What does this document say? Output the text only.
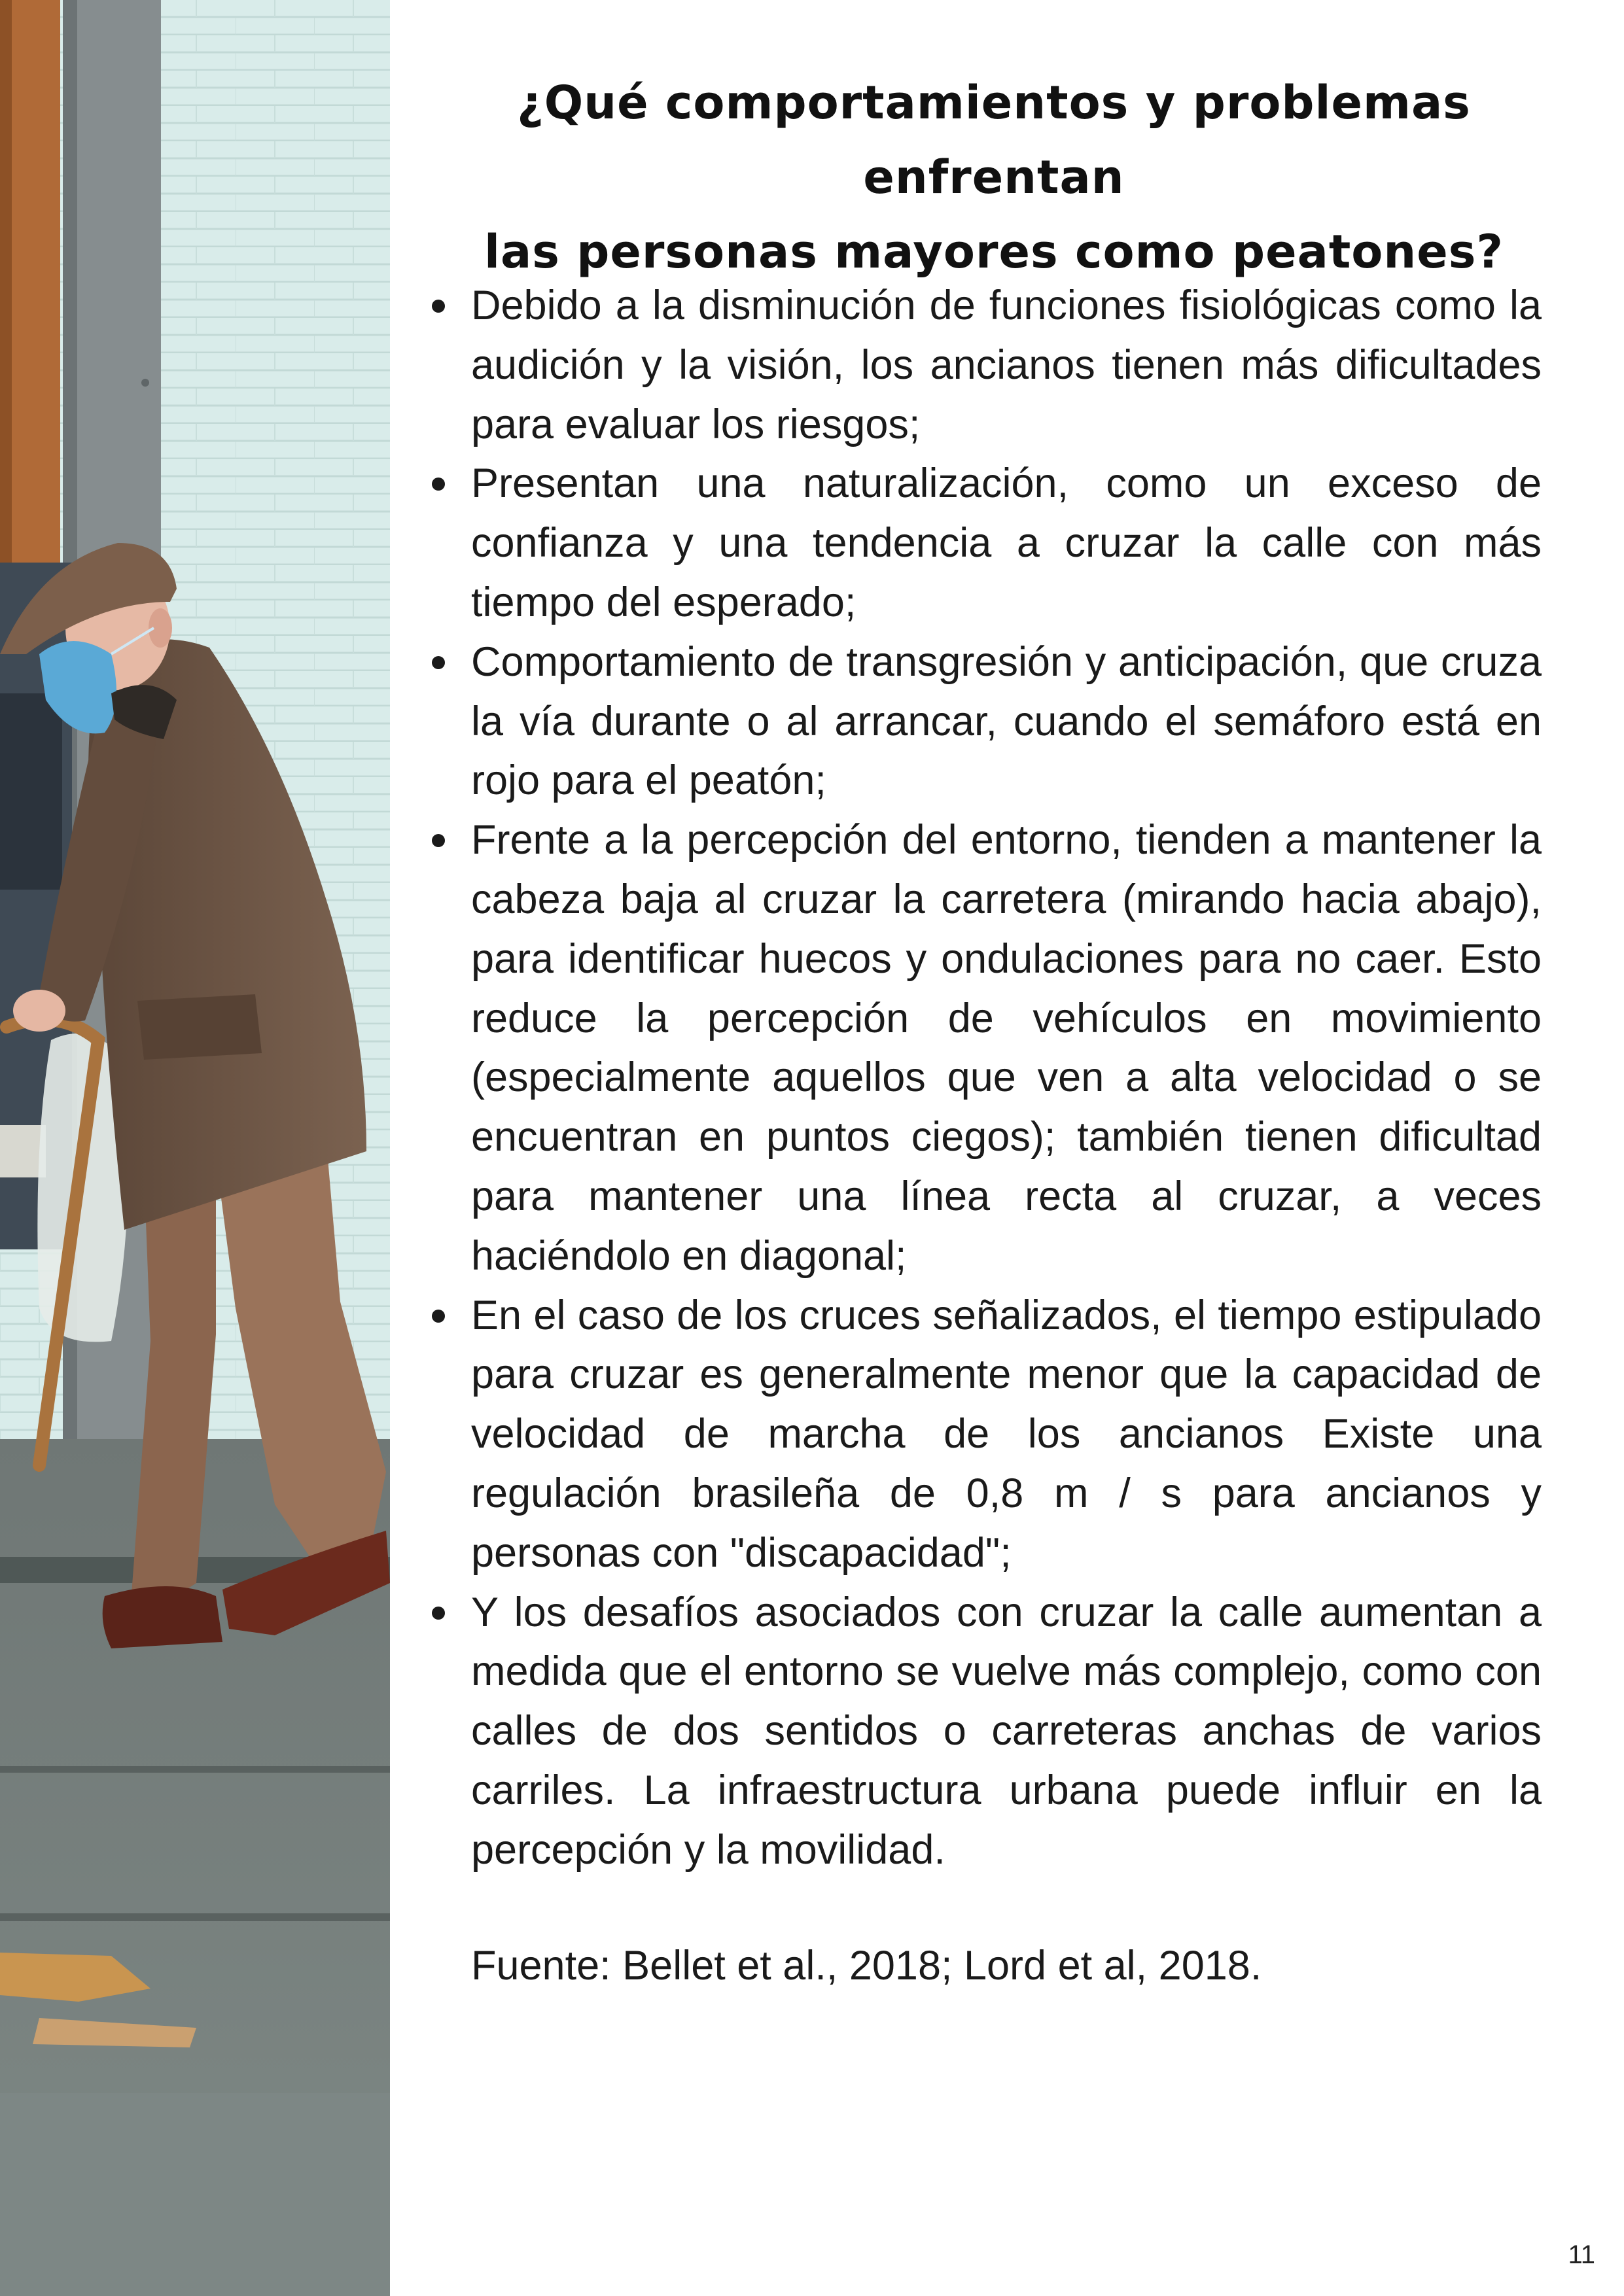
¿Qué comportamientos y problemas enfrentan
las personas mayores como peatones?
Debido a la disminución de funciones fisiológicas como la audición y la visión, los ancianos tienen más dificultades para evaluar los riesgos;
Presentan una naturalización, como un exceso de confianza y una tendencia a cruzar la calle con más tiempo del esperado;
Comportamiento de transgresión y anticipación, que cruza la vía durante o al arrancar, cuando el semáforo está en rojo para el peatón;
Frente a la percepción del entorno, tienden a mantener la cabeza baja al cruzar la carretera (mirando hacia abajo), para identificar huecos y ondulaciones para no caer. Esto reduce la percepción de vehículos en movimiento (especialmente aquellos que ven a alta velocidad o se encuentran en puntos ciegos); también tienen dificultad para mantener una línea recta al cruzar, a veces haciéndolo en diagonal;
En el caso de los cruces señalizados, el tiempo estipulado para cruzar es generalmente menor que la capacidad de velocidad de marcha de los ancianos Existe una regulación brasileña de 0,8 m / s para ancianos y personas con "discapacidad";
Y los desafíos asociados con cruzar la calle aumentan a medida que el entorno se vuelve más complejo, como con calles de dos sentidos o carreteras anchas de varios carriles. La infraestructura urbana puede influir en la percepción y la movilidad.

Fuente: Bellet et al., 2018; Lord et al, 2018.

11
